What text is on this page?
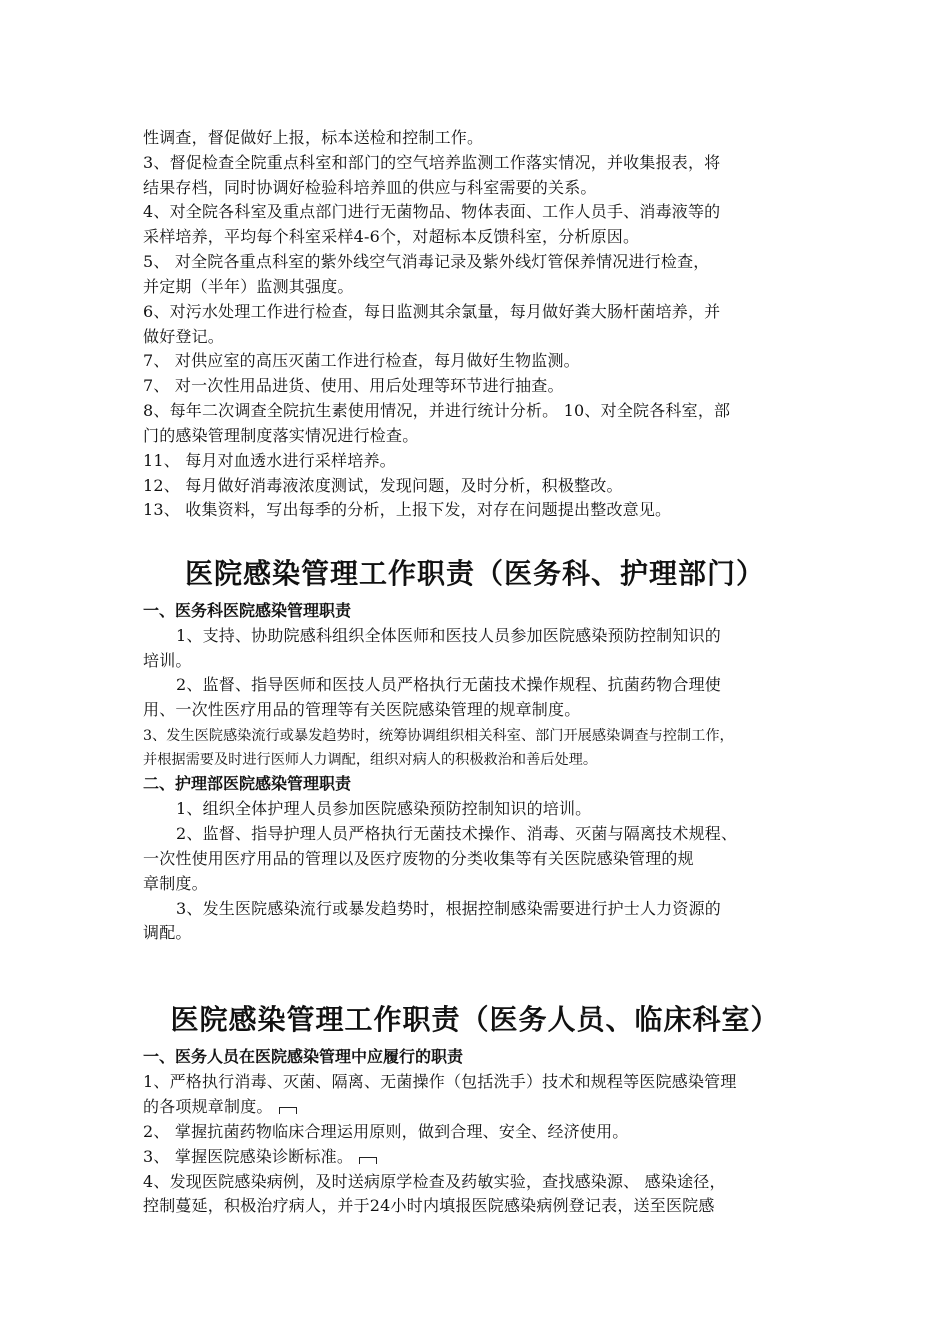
性调查，督促做好上报，标本送检和控制工作。
3、督促检查全院重点科室和部门的空气培养监测工作落实情况，并收集报表，将
结果存档，同时协调好检验科培养皿的供应与科室需要的关系。
4、对全院各科室及重点部门进行无菌物品、物体表面、工作人员手、消毒液等的
采样培养，平均每个科室采样4-6个，对超标本反馈科室，分析原因。
5、 对全院各重点科室的紫外线空气消毒记录及紫外线灯管保养情况进行检查，
并定期（半年）监测其强度。
6、对污水处理工作进行检查，每日监测其余氯量，每月做好粪大肠杆菌培养，并
做好登记。
7、 对供应室的高压灭菌工作进行检查，每月做好生物监测。
7、 对一次性用品进货、使用、用后处理等环节进行抽查。
8、每年二次调查全院抗生素使用情况，并进行统计分析。 10、对全院各科室，部
门的感染管理制度落实情况进行检查。
11、 每月对血透水进行采样培养。
12、 每月做好消毒液浓度测试，发现问题，及时分析，积极整改。
13、 收集资料，写出每季的分析，上报下发，对存在问题提出整改意见。
医院感染管理工作职责（医务科、护理部门）
一、医务科医院感染管理职责
1、支持、协助院感科组织全体医师和医技人员参加医院感染预防控制知识的
培训。
2、监督、指导医师和医技人员严格执行无菌技术操作规程、抗菌药物合理使
用、一次性医疗用品的管理等有关医院感染管理的规章制度。
3、发生医院感染流行或暴发趋势时，统筹协调组织相关科室、部门开展感染调查与控制工作，
并根据需要及时进行医师人力调配，组织对病人的积极救治和善后处理。
二、护理部医院感染管理职责
1、组织全体护理人员参加医院感染预防控制知识的培训。
2、监督、指导护理人员严格执行无菌技术操作、消毒、灭菌与隔离技术规程、
一次性使用医疗用品的管理以及医疗废物的分类收集等有关医院感染管理的规
章制度。
3、发生医院感染流行或暴发趋势时，根据控制感染需要进行护士人力资源的
调配。
医院感染管理工作职责（医务人员、临床科室）
一、医务人员在医院感染管理中应履行的职责
1、严格执行消毒、灭菌、隔离、无菌操作（包括洗手）技术和规程等医院感染管理
的各项规章制度。
2、 掌握抗菌药物临床合理运用原则，做到合理、安全、经济使用。
3、 掌握医院感染诊断标准。
4、发现医院感染病例，及时送病原学检查及药敏实验，查找感染源、 感染途径，
控制蔓延，积极治疗病人，并于24小时内填报医院感染病例登记表，送至医院感
